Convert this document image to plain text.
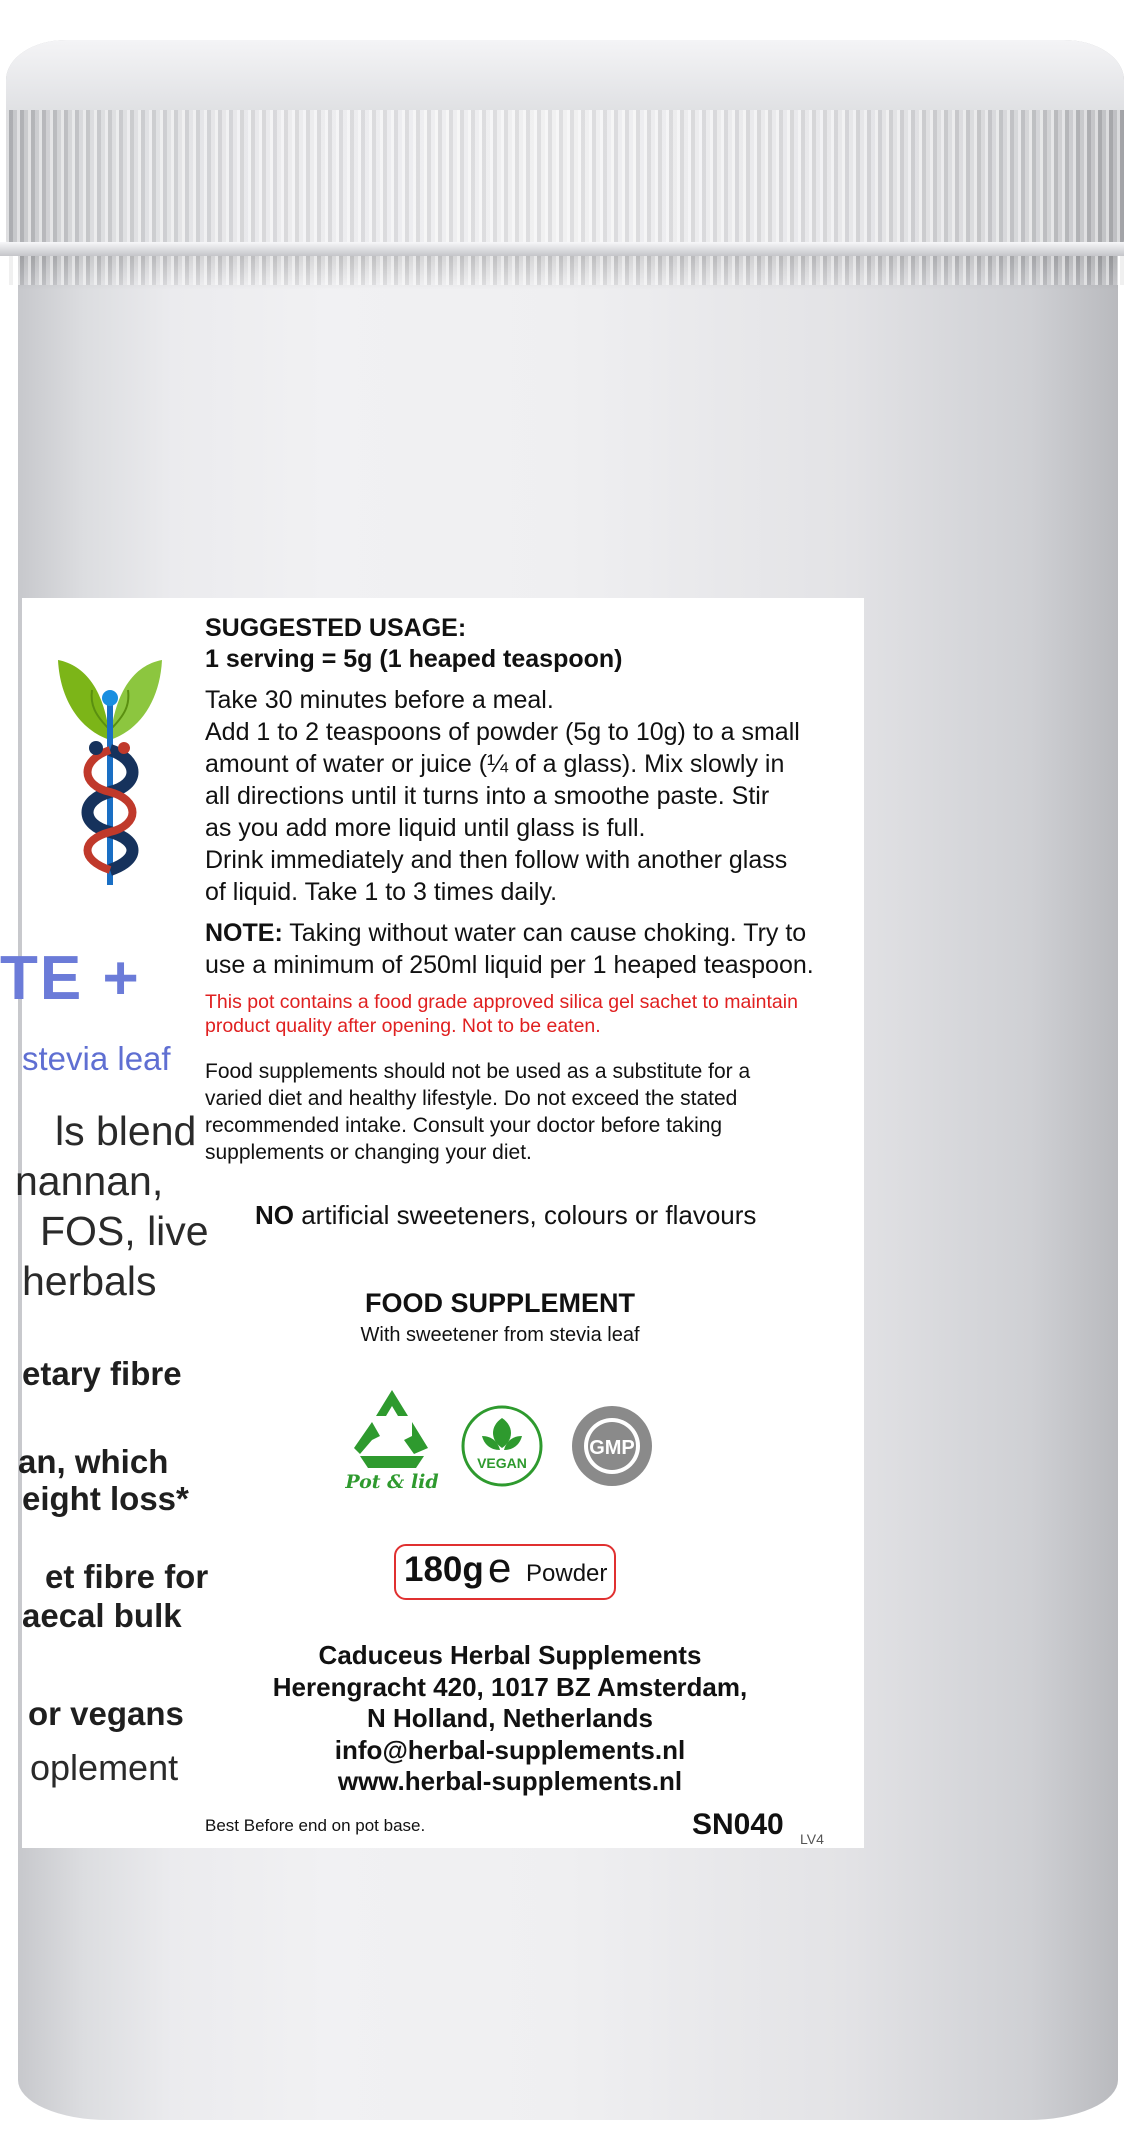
TE +
stevia leaf
ls blend
nannan,
FOS, live
herbals
etary fibre
an, which
eight loss*
et fibre for
aecal bulk
or vegans
oplement
SUGGESTED USAGE:
1 serving = 5g (1 heaped teaspoon)
Take 30 minutes before a meal.
Add 1 to 2 teaspoons of powder (5g to 10g) to a small
amount of water or juice (¼ of a glass). Mix slowly in
all directions until it turns into a smoothe paste. Stir
as you add more liquid until glass is full.
Drink immediately and then follow with another glass
of liquid. Take 1 to 3 times daily.
NOTE: Taking without water can cause choking. Try to
use a minimum of 250ml liquid per 1 heaped teaspoon.
This pot contains a food grade approved silica gel sachet to maintain
product quality after opening. Not to be eaten.
Food supplements should not be used as a substitute for a
varied diet and healthy lifestyle. Do not exceed the stated
recommended intake. Consult your doctor before taking
supplements or changing your diet.
NO artificial sweeteners, colours or flavours
FOOD SUPPLEMENT
With sweetener from stevia leaf
Pot & lid
VEGAN
GMP
180g e Powder
Caduceus Herbal Supplements
Herengracht 420, 1017 BZ Amsterdam,
N Holland, Netherlands
info@herbal-supplements.nl
www.herbal-supplements.nl
Best Before end on pot base.	SN040 LV4
